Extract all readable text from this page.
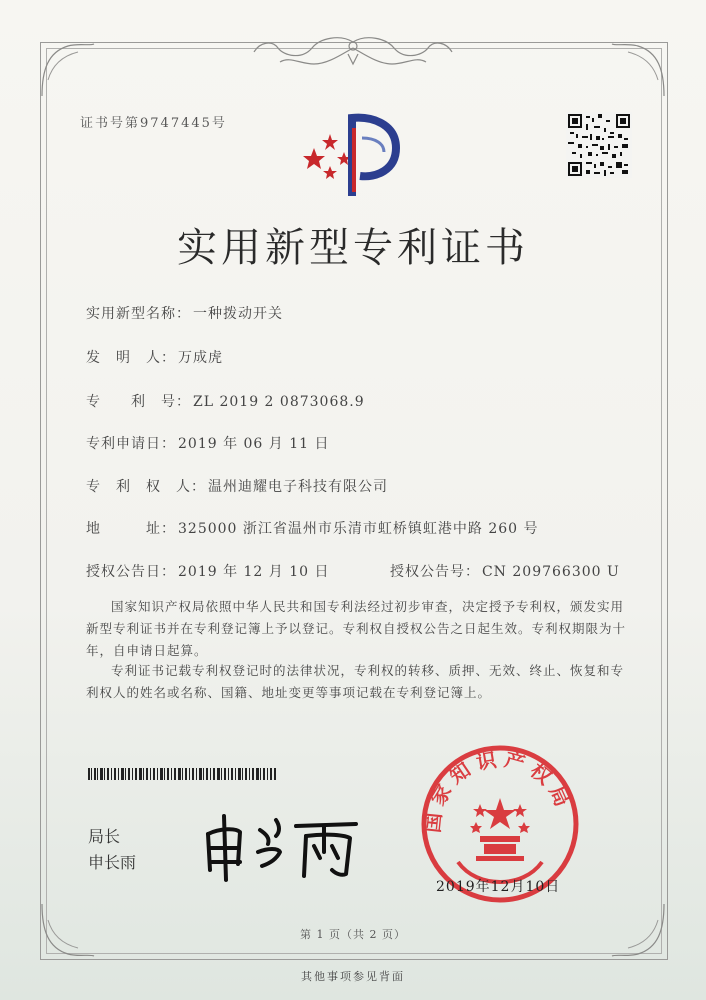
证书号第9747445号
实用新型专利证书
实用新型名称： 一种拨动开关
发　明　人： 万成虎
专　　利　号： ZL 2019 2 0873068.9
专利申请日： 2019 年 06 月 11 日
专　利　权　人： 温州迪耀电子科技有限公司
地　　　址： 325000 浙江省温州市乐清市虹桥镇虹港中路 260 号
授权公告日： 2019 年 12 月 10 日	授权公告号： CN 209766300 U
国家知识产权局依照中华人民共和国专利法经过初步审查，决定授予专利权，颁发实用新型专利证书并在专利登记簿上予以登记。专利权自授权公告之日起生效。专利权期限为十年，自申请日起算。
专利证书记载专利权登记时的法律状况，专利权的转移、质押、无效、终止、恢复和专利权人的姓名或名称、国籍、地址变更等事项记载在专利登记簿上。
局长
申长雨
国家知识产权局
2019年12月10日
第 1 页（共 2 页）
其他事项参见背面
